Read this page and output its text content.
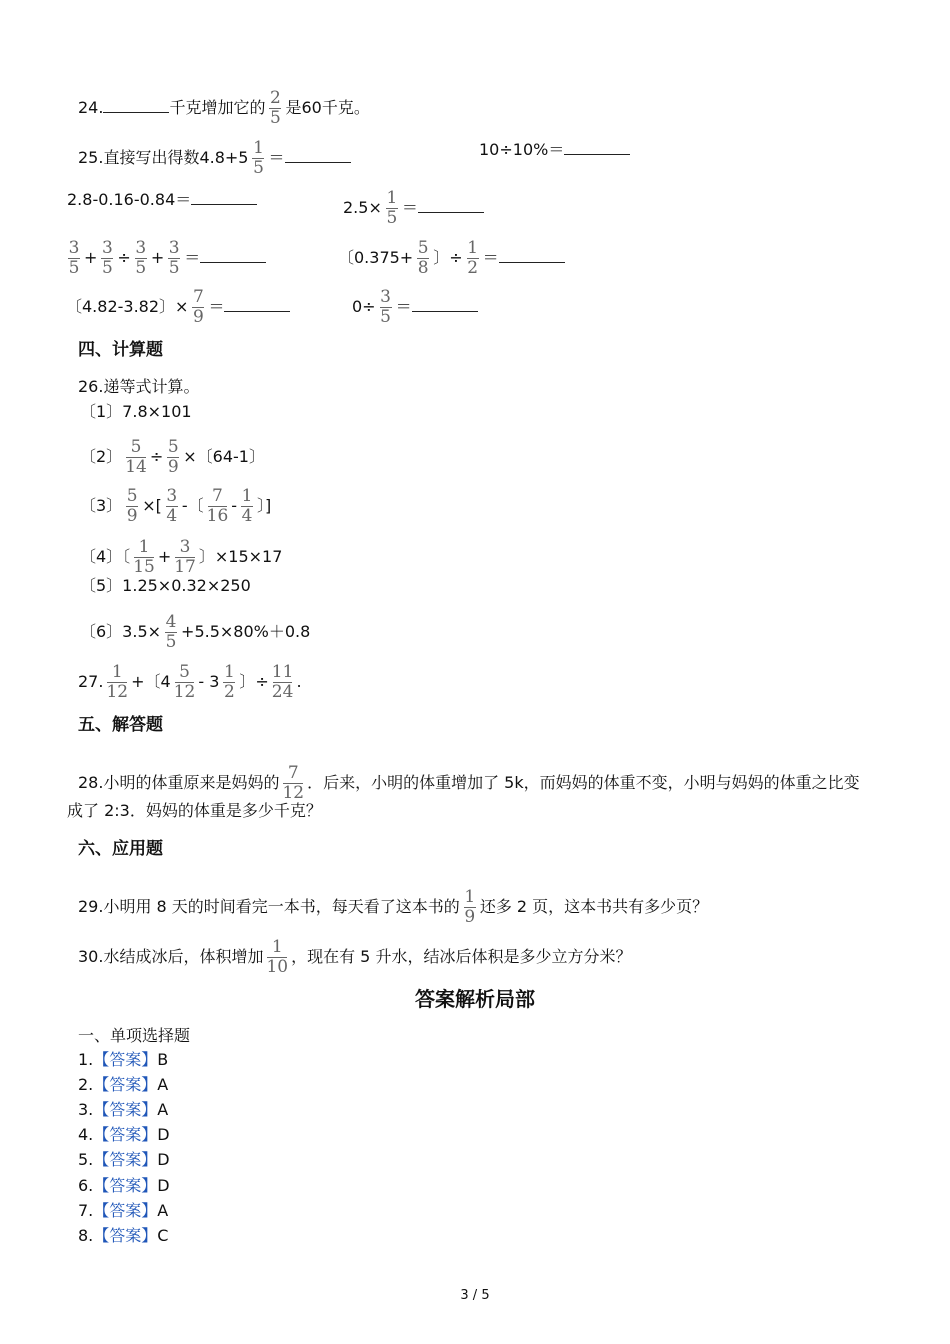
24.	千克增加它的 $\frac{2}{5}$ 是60千克。
25.直接写出得数$4.8+5 \frac{1}{5}$ ＝	10÷10%＝
2.8-0.16-0.84＝	$2.5\times \frac{1}{5}$ ＝
$\frac{3}{5} + \frac{3}{5} \div \frac{3}{5} + \frac{3}{5}$ ＝	〔$0.375+ \frac{5}{8}$ 〕÷ $\frac{1}{2}$ ＝
〔4.82-3.82〕× $\frac{7}{9}$ ＝	$0\div \frac{3}{5}$ ＝
四、计算题
26.递等式计算。
〔1〕7.8×101
〔2〕 $\frac{5}{14} \div \frac{5}{9}$ ×〔64-1〕
〔3〕 $\frac{5}{9}$ ×[ $\frac{3}{4}$ -〔 $\frac{7}{16} - \frac{1}{4}$ 〕]
〔4〕〔 $\frac{1}{15} + \frac{3}{17}$ 〕×15×17
〔5〕1.25×0.32×250
〔6〕$3.5\times \frac{4}{5} +5.5\times 80\%+0.8$
27. $\frac{1}{12}$ +〔$4 \frac{5}{12} - 3 \frac{1}{2}$ 〕÷ $\frac{11}{24}$ .
五、解答题
28.小明的体重原来是妈妈的 $\frac{7}{12}$ ．后来，小明的体重增加了 5k，而妈妈的体重不变，小明与妈妈的体重之比变
成了 2:3．妈妈的体重是多少千克？
六、应用题
29.小明用 8 天的时间看完一本书，每天看了这本书的 $\frac{1}{9}$ 还多 2 页，这本书共有多少页？
30.水结成冰后，体积增加 $\frac{1}{10}$ ，现在有 5 升水，结冰后体积是多少立方分米？
答案解析局部
一、单项选择题
1.【答案】B
2.【答案】A
3.【答案】A
4.【答案】D
5.【答案】D
6.【答案】D
7.【答案】A
8.【答案】C
3 / 5
